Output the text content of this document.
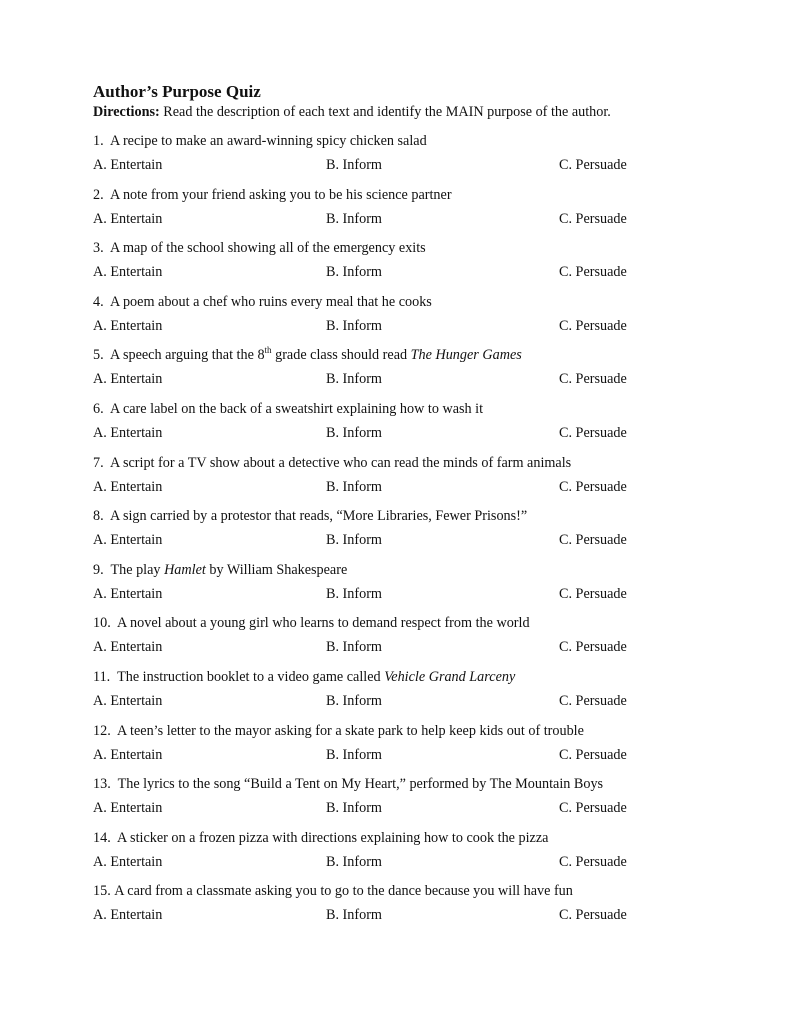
Author’s Purpose Quiz

Directions: Read the description of each text and identify the MAIN purpose of the author.

1. A recipe to make an award-winning spicy chicken salad

A. Entertain	B. Inform	C. Persuade

2. A note from your friend asking you to be his science partner

A. Entertain	B. Inform	C. Persuade

3. A map of the school showing all of the emergency exits

A. Entertain	B. Inform	C. Persuade

4. A poem about a chef who ruins every meal that he cooks

A. Entertain	B. Inform	C. Persuade

5. A speech arguing that the 8th grade class should read The Hunger Games

A. Entertain	B. Inform	C. Persuade

6. A care label on the back of a sweatshirt explaining how to wash it

A. Entertain	B. Inform	C. Persuade

7. A script for a TV show about a detective who can read the minds of farm animals

A. Entertain	B. Inform	C. Persuade

8. A sign carried by a protestor that reads, “More Libraries, Fewer Prisons!”

A. Entertain	B. Inform	C. Persuade

9. The play Hamlet by William Shakespeare

A. Entertain	B. Inform	C. Persuade

10. A novel about a young girl who learns to demand respect from the world

A. Entertain	B. Inform	C. Persuade

11. The instruction booklet to a video game called Vehicle Grand Larceny

A. Entertain	B. Inform	C. Persuade

12. A teen’s letter to the mayor asking for a skate park to help keep kids out of trouble

A. Entertain	B. Inform	C. Persuade

13. The lyrics to the song “Build a Tent on My Heart,” performed by The Mountain Boys

A. Entertain	B. Inform	C. Persuade

14. A sticker on a frozen pizza with directions explaining how to cook the pizza

A. Entertain	B. Inform	C. Persuade

15. A card from a classmate asking you to go to the dance because you will have fun

A. Entertain	B. Inform	C. Persuade
